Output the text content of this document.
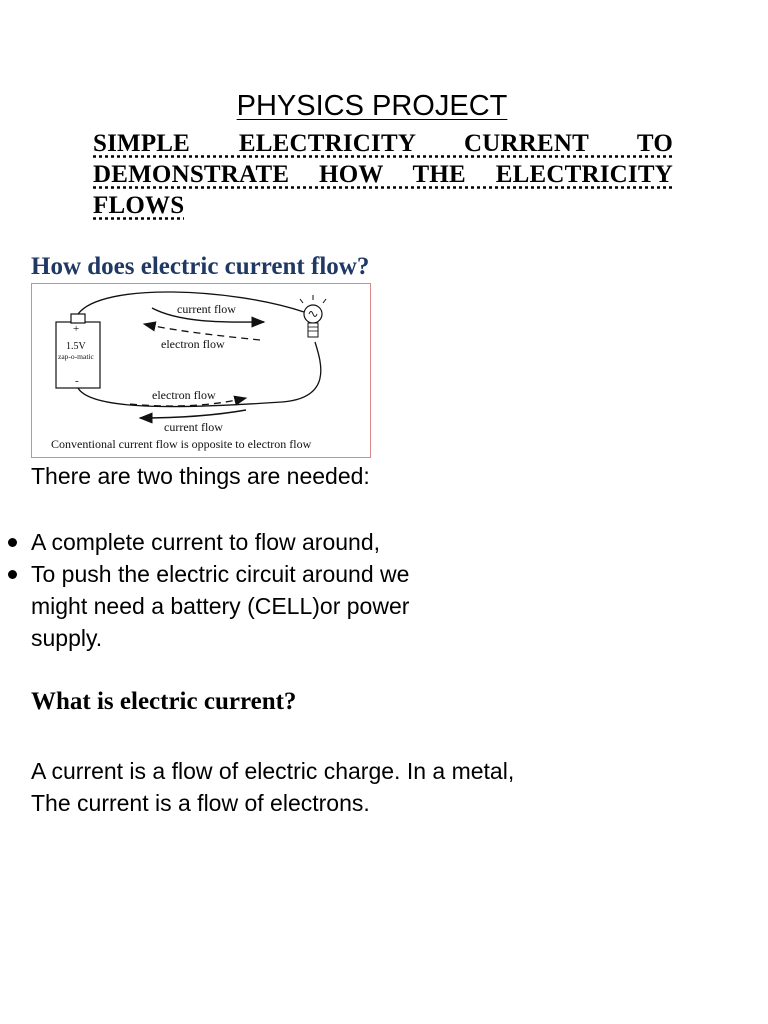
PHYSICS PROJECT
SIMPLE ELECTRICITY CURRENT TO DEMONSTRATE HOW THE ELECTRICITY FLOWS
How does electric current flow?
+
1.5V
zap-o-matic
-
current flow
electron flow
electron flow
current flow
Conventional current flow is opposite to electron flow
There are two things are needed:
A complete current to flow around,
To push the electric circuit around we might need a battery (CELL)or power supply.
What is electric current?
A current is a flow of electric charge. In a metal,
The current is a flow of electrons.
